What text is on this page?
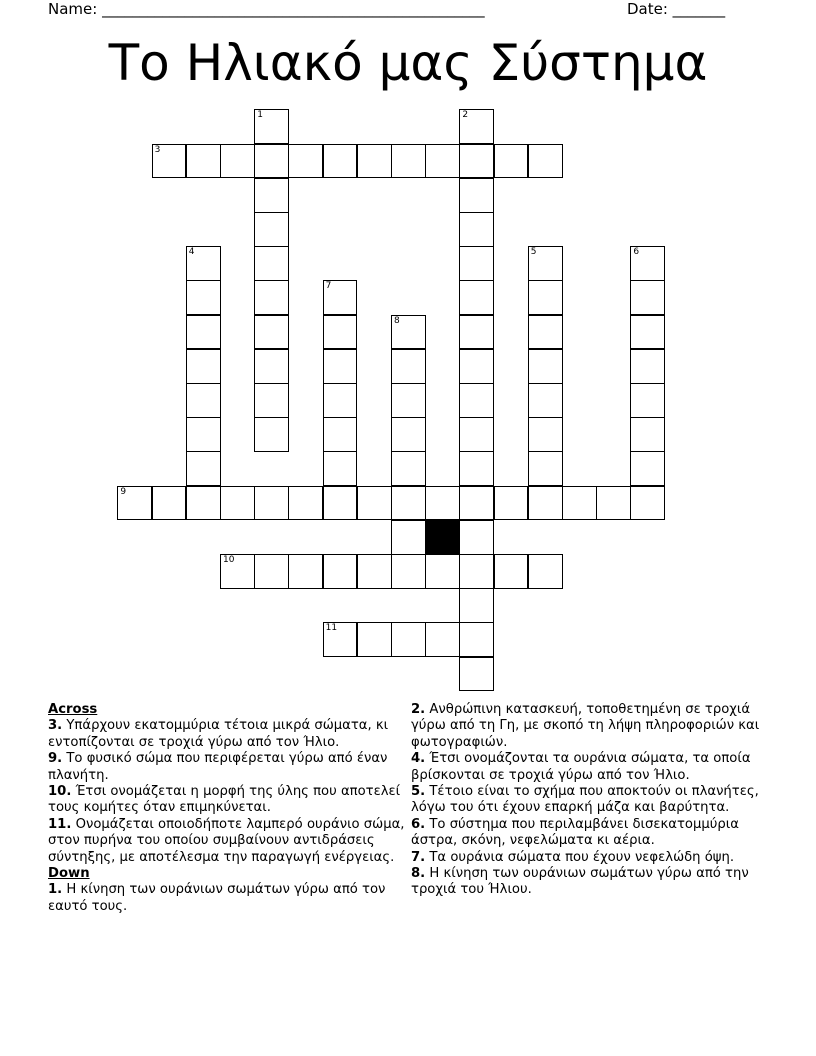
Name: ___________________________________________________	Date: _______
Το Ηλιακό μας Σύστημα
1	2
3
4	5	6
7
8
9
10
11
Across
3. Υπάρχουν εκατομμύρια τέτοια μικρά σώματα, κι εντοπίζονται σε τροχιά γύρω από τον Ήλιο.
9. Το φυσικό σώμα που περιφέρεται γύρω από έναν πλανήτη.
10. Έτσι ονομάζεται η μορφή της ύλης που αποτελεί τους κομήτες όταν επιμηκύνεται.
11. Ονομάζεται οποιοδήποτε λαμπερό ουράνιο σώμα, στον πυρήνα του οποίου συμβαίνουν αντιδράσεις σύντηξης, με αποτέλεσμα την παραγωγή ενέργειας.
Down
1. Η κίνηση των ουράνιων σωμάτων γύρω από τον εαυτό τους.
2. Ανθρώπινη κατασκευή, τοποθετημένη σε τροχιά γύρω από τη Γη, με σκοπό τη λήψη πληροφοριών και φωτογραφιών.
4. Έτσι ονομάζονται τα ουράνια σώματα, τα οποία βρίσκονται σε τροχιά γύρω από τον Ήλιο.
5. Τέτοιο είναι το σχήμα που αποκτούν οι πλανήτες, λόγω του ότι έχουν επαρκή μάζα και βαρύτητα.
6. Το σύστημα που περιλαμβάνει δισεκατομμύρια άστρα, σκόνη, νεφελώματα κι αέρια.
7. Τα ουράνια σώματα που έχουν νεφελώδη όψη.
8. Η κίνηση των ουράνιων σωμάτων γύρω από την τροχιά του Ήλιου.
